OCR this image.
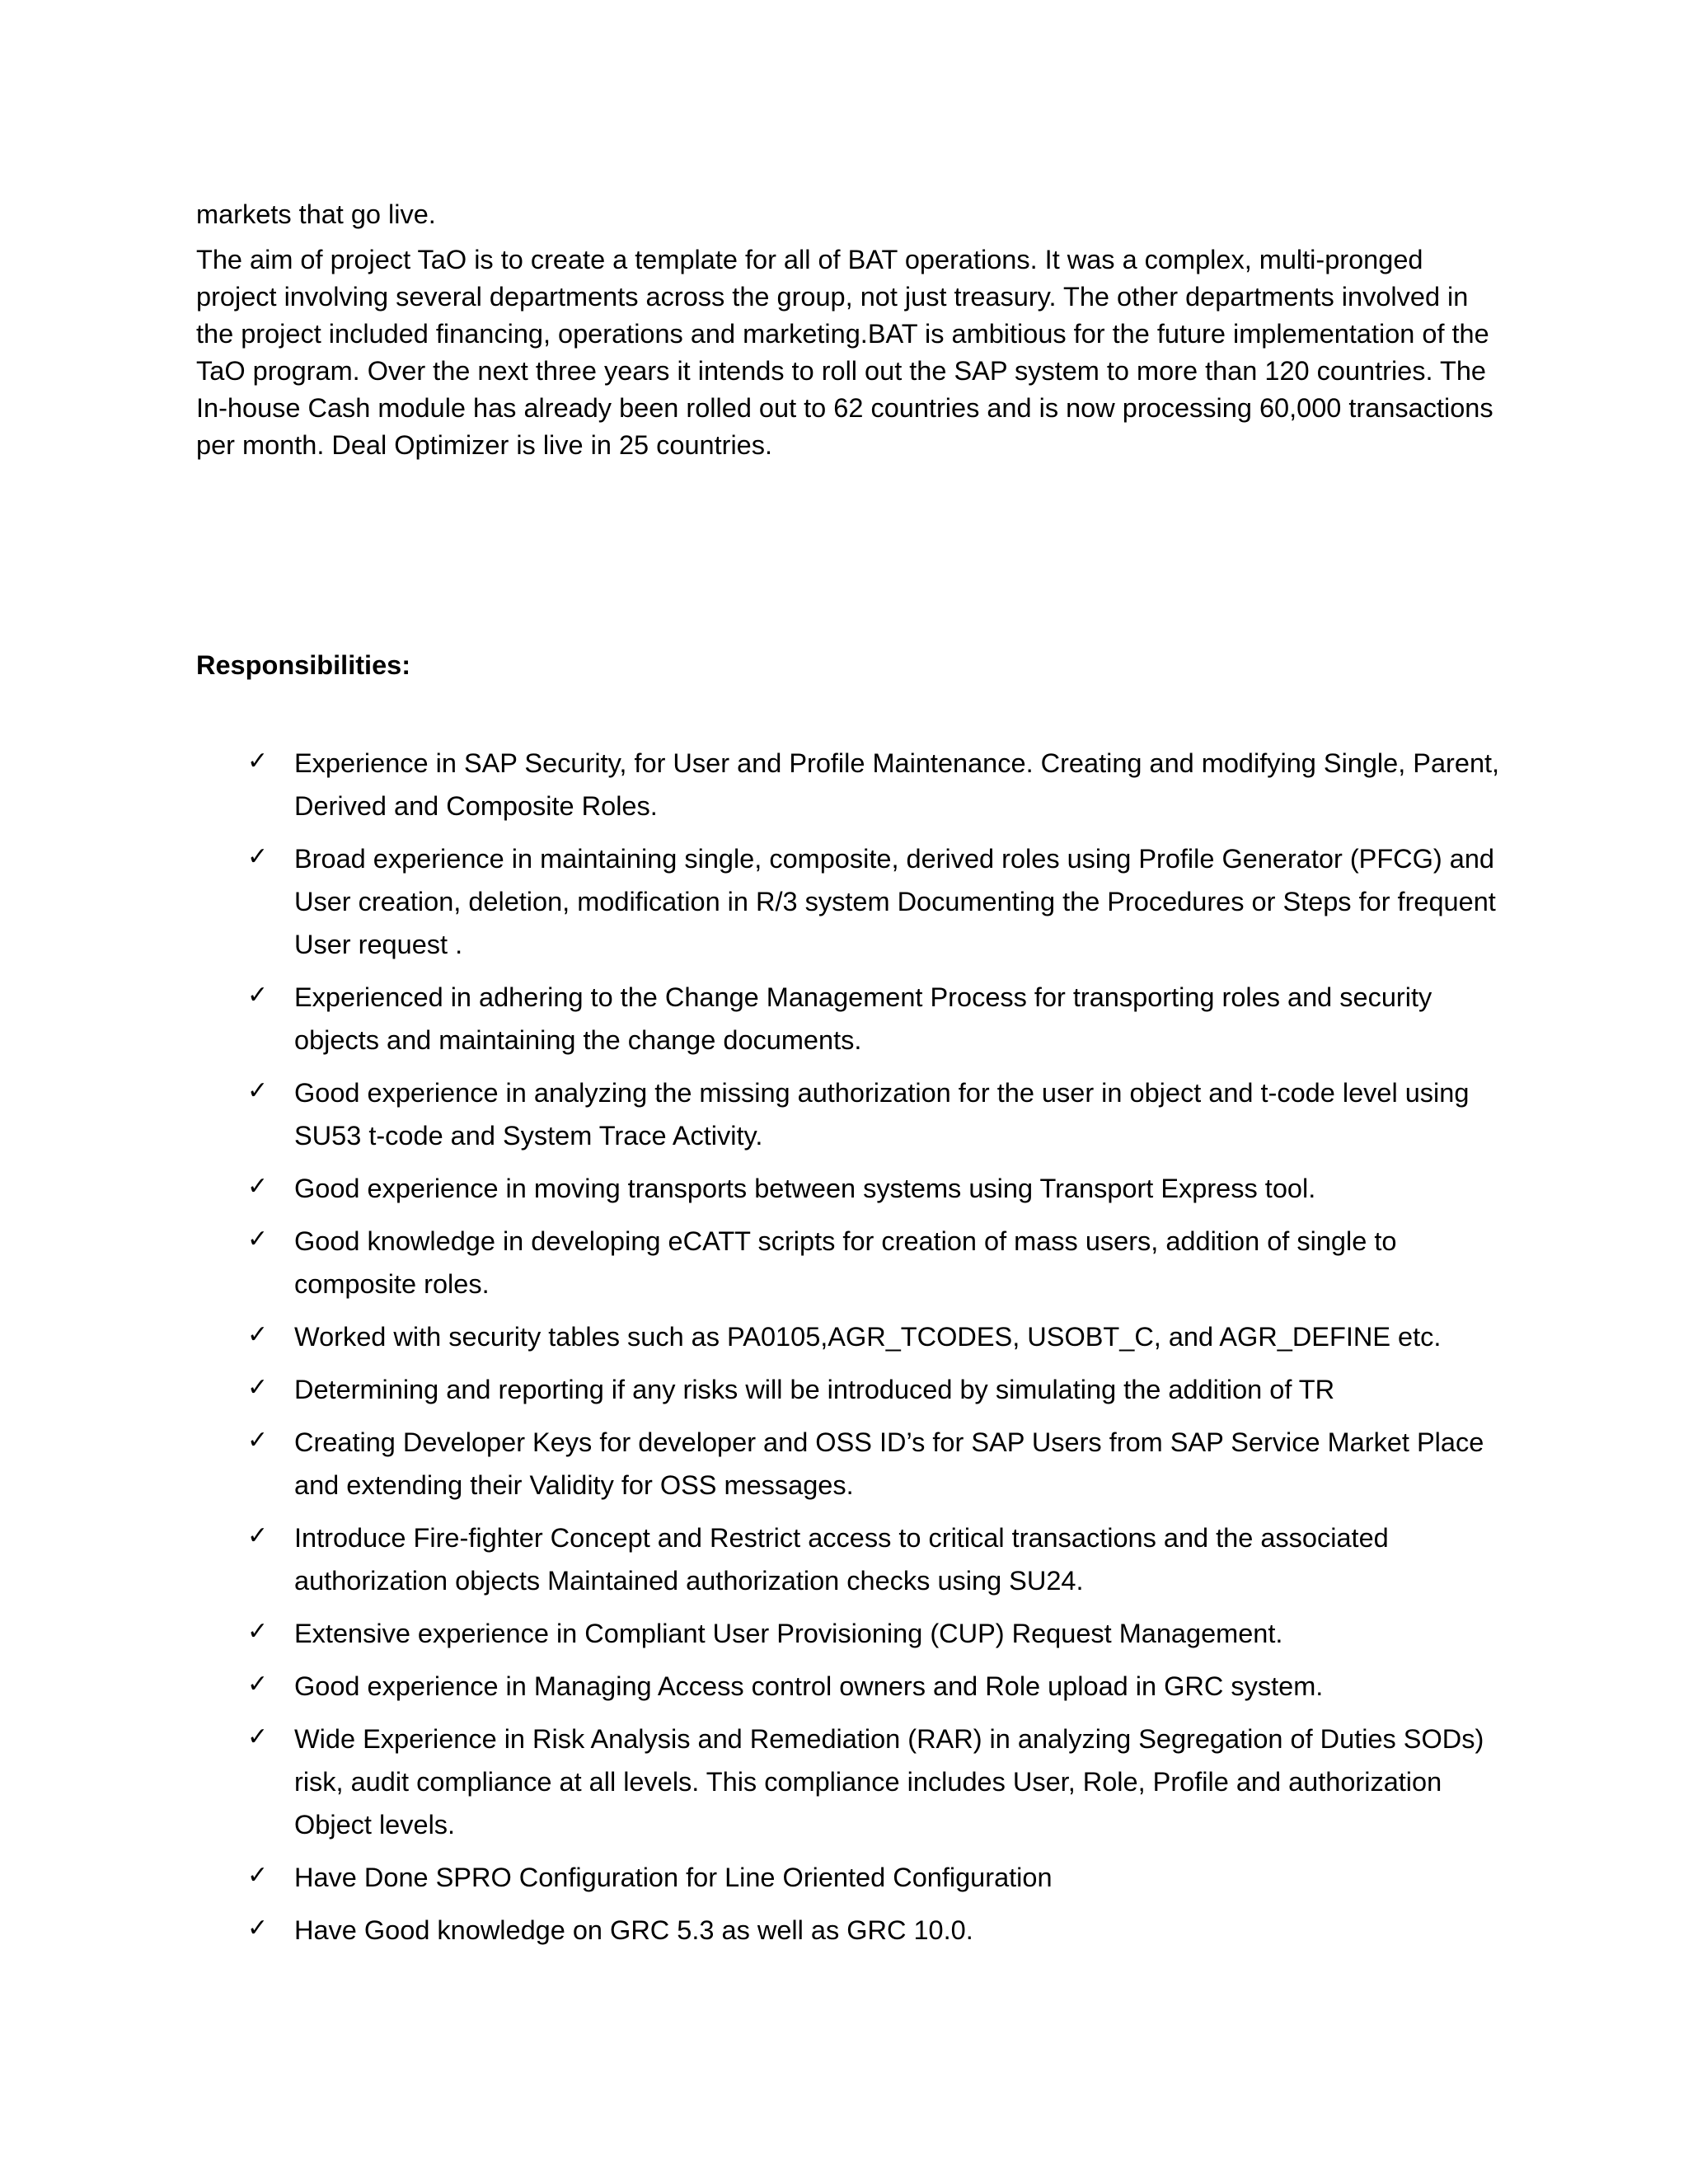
markets that go live.

The aim of project TaO is to create a template for all of BAT operations. It was a complex, multi-pronged project involving several departments across the group, not just treasury. The other departments involved in the project included financing, operations and marketing.BAT is ambitious for the future implementation of the TaO program. Over the next three years it intends to roll out the SAP system to more than 120 countries. The In-house Cash module has already been rolled out to 62 countries and is now processing 60,000 transactions per month. Deal Optimizer is live in 25 countries.

Responsibilities:
✓ Experience in SAP Security, for User and Profile Maintenance. Creating and modifying Single, Parent, Derived and Composite Roles.
✓ Broad experience in maintaining single, composite, derived roles using Profile Generator (PFCG) and User creation, deletion, modification in R/3 system Documenting the Procedures or Steps for frequent User request .
✓ Experienced in adhering to the Change Management Process for transporting roles and security objects and maintaining the change documents.
✓ Good experience in analyzing the missing authorization for the user in object and t-code level using SU53 t-code and System Trace Activity.
✓ Good experience in moving transports between systems using Transport Express tool.
✓ Good knowledge in developing eCATT scripts for creation of mass users, addition of single to composite roles.
✓ Worked with security tables such as PA0105,AGR_TCODES, USOBT_C, and AGR_DEFINE etc.
✓ Determining and reporting if any risks will be introduced by simulating the addition of TR
✓ Creating Developer Keys for developer and OSS ID’s for SAP Users from SAP Service Market Place and extending their Validity for OSS messages.
✓ Introduce Fire-fighter Concept and Restrict access to critical transactions and the associated authorization objects Maintained authorization checks using SU24.
✓ Extensive experience in Compliant User Provisioning (CUP) Request Management.
✓ Good experience in Managing Access control owners and Role upload in GRC system.
✓ Wide Experience in Risk Analysis and Remediation (RAR) in analyzing Segregation of Duties SODs) risk, audit compliance at all levels. This compliance includes User, Role, Profile and authorization Object levels.
✓ Have Done SPRO Configuration for Line Oriented Configuration
✓ Have Good knowledge on GRC 5.3 as well as GRC 10.0.
